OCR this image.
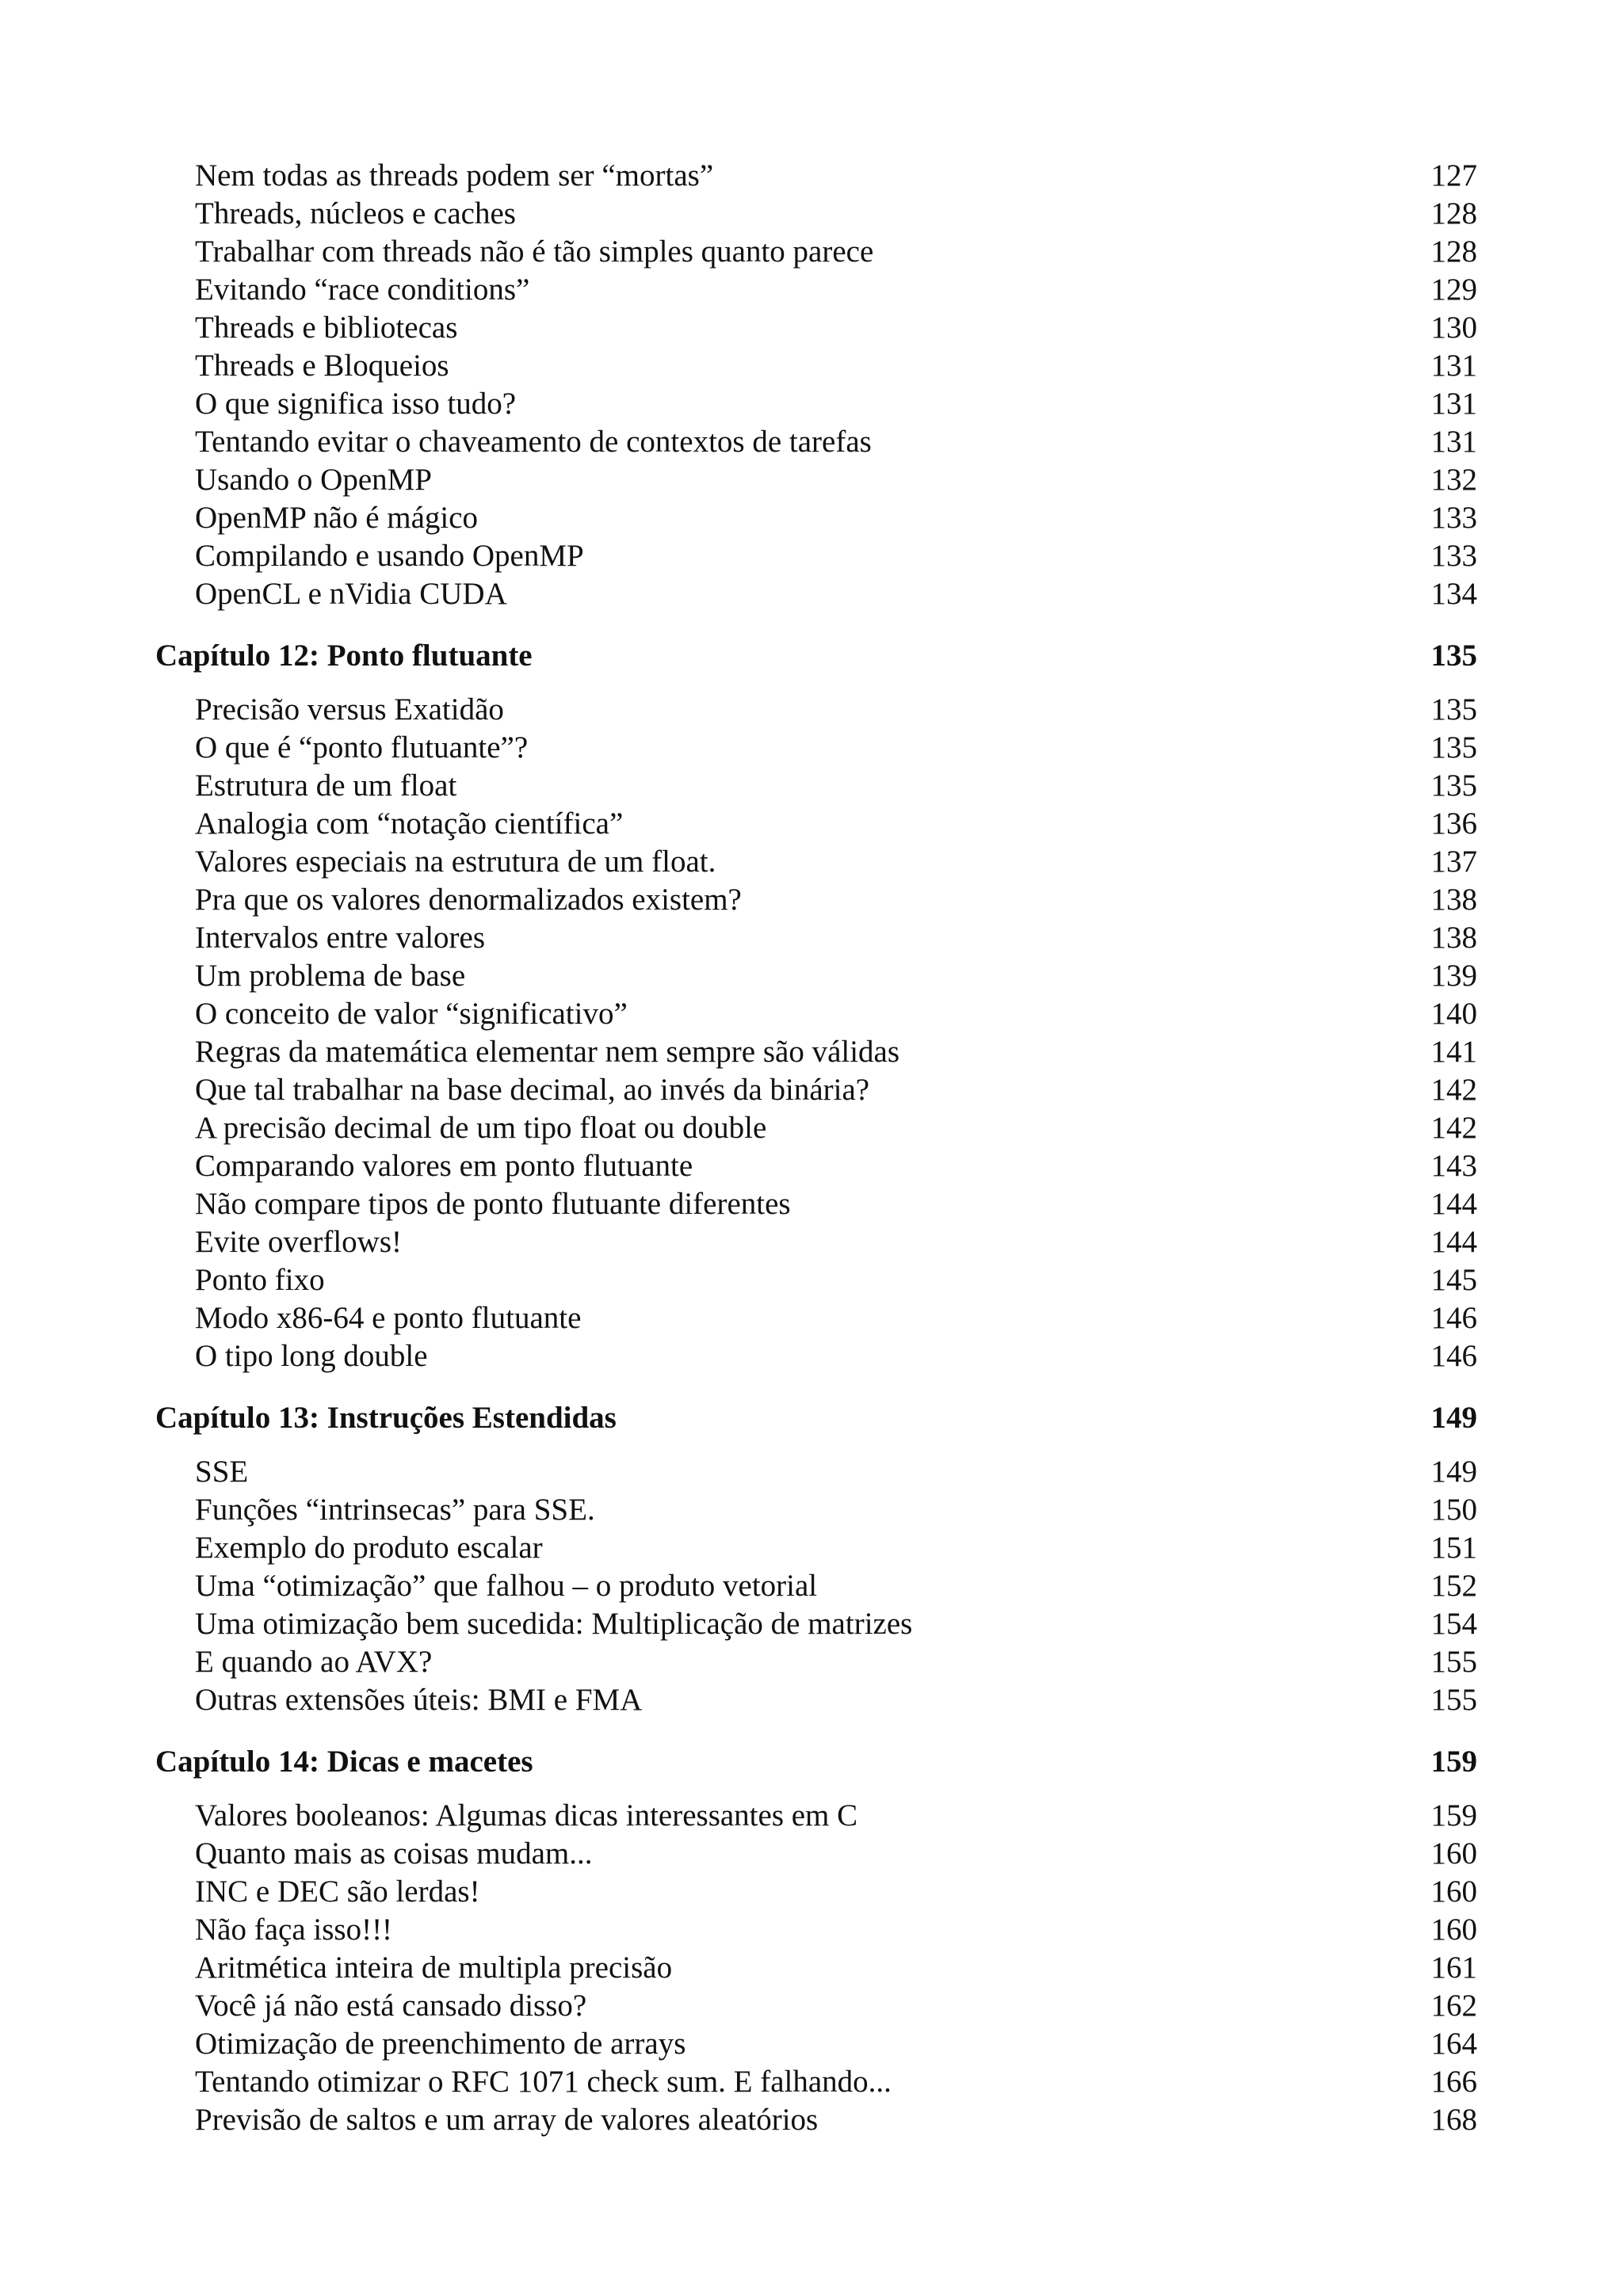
Nem todas as threads podem ser “mortas”	127
Threads, núcleos e caches	128
Trabalhar com threads não é tão simples quanto parece	128
Evitando “race conditions”	129
Threads e bibliotecas	130
Threads e Bloqueios	131
O que significa isso tudo?	131
Tentando evitar o chaveamento de contextos de tarefas	131
Usando o OpenMP	132
OpenMP não é mágico	133
Compilando e usando OpenMP	133
OpenCL e nVidia CUDA	134
Capítulo 12: Ponto flutuante	135
Precisão versus Exatidão	135
O que é “ponto flutuante”?	135
Estrutura de um float	135
Analogia com “notação científica”	136
Valores especiais na estrutura de um float.	137
Pra que os valores denormalizados existem?	138
Intervalos entre valores	138
Um problema de base	139
O conceito de valor “significativo”	140
Regras da matemática elementar nem sempre são válidas	141
Que tal trabalhar na base decimal, ao invés da binária?	142
A precisão decimal de um tipo float ou double	142
Comparando valores em ponto flutuante	143
Não compare tipos de ponto flutuante diferentes	144
Evite overflows!	144
Ponto fixo	145
Modo x86-64 e ponto flutuante	146
O tipo long double	146
Capítulo 13: Instruções Estendidas	149
SSE	149
Funções “intrinsecas” para SSE.	150
Exemplo do produto escalar	151
Uma “otimização” que falhou – o produto vetorial	152
Uma otimização bem sucedida: Multiplicação de matrizes	154
E quando ao AVX?	155
Outras extensões úteis: BMI e FMA	155
Capítulo 14: Dicas e macetes	159
Valores booleanos: Algumas dicas interessantes em C	159
Quanto mais as coisas mudam...	160
INC e DEC são lerdas!	160
Não faça isso!!!	160
Aritmética inteira de multipla precisão	161
Você já não está cansado disso?	162
Otimização de preenchimento de arrays	164
Tentando otimizar o RFC 1071 check sum. E falhando...	166
Previsão de saltos e um array de valores aleatórios	168
